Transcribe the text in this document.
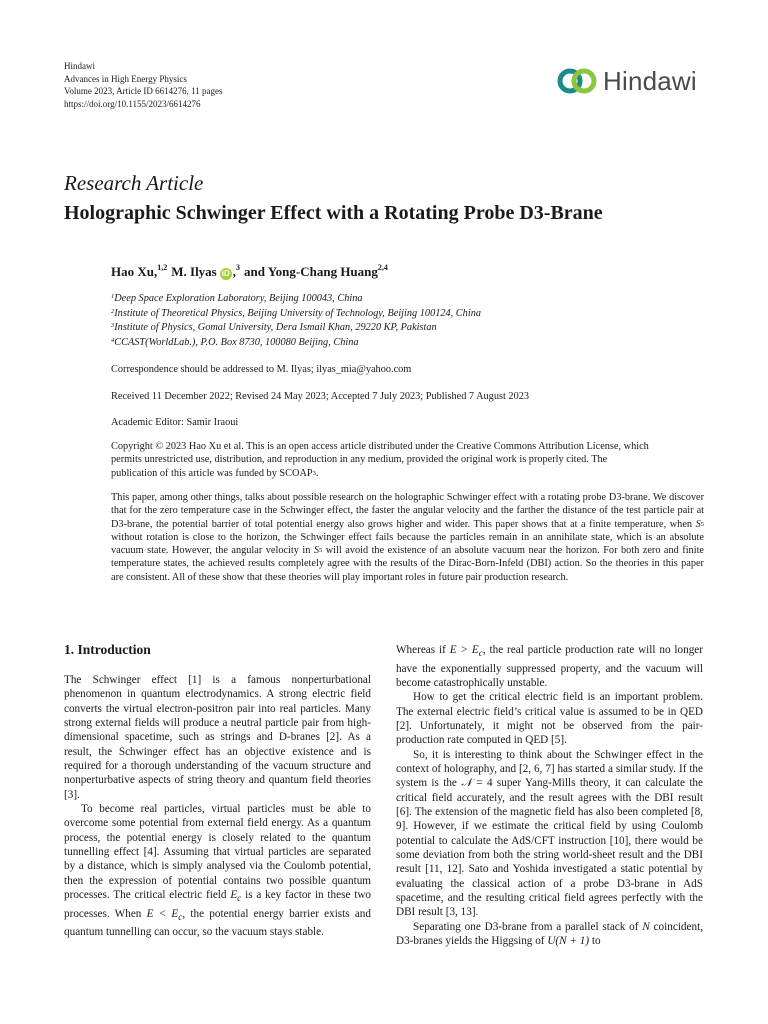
Hindawi
Advances in High Energy Physics
Volume 2023, Article ID 6614276, 11 pages
https://doi.org/10.1155/2023/6614276
Hindawi
Research Article
Holographic Schwinger Effect with a Rotating Probe D3-Brane
Hao Xu,$^{1,2}$ M. Ilyas iD ,$^3$ and Yong-Chang Huang$^{2,4}$
$^1$Deep Space Exploration Laboratory, Beijing 100043, China
$^2$Institute of Theoretical Physics, Beijing University of Technology, Beijing 100124, China
$^3$Institute of Physics, Gomal University, Dera Ismail Khan, 29220 KP, Pakistan
$^4$CCAST(WorldLab.), P.O. Box 8730, 100080 Beijing, China
Correspondence should be addressed to M. Ilyas; ilyas_mia@yahoo.com
Received 11 December 2022; Revised 24 May 2023; Accepted 7 July 2023; Published 7 August 2023
Academic Editor: Samir Iraoui
Copyright © 2023 Hao Xu et al. This is an open access article distributed under the Creative Commons Attribution License, which
permits unrestricted use, distribution, and reproduction in any medium, provided the original work is properly cited. The
publication of this article was funded by SCOAP$^3$.
This paper, among other things, talks about possible research on the holographic Schwinger effect with a rotating probe D3-brane. We discover that for the zero temperature case in the Schwinger effect, the faster the angular velocity and the farther the distance of the test particle pair at D3-brane, the potential barrier of total potential energy also grows higher and wider. This paper shows that at a finite temperature, when $S^5$ without rotation is close to the horizon, the Schwinger effect fails because the particles remain in an annihilate state, which is an absolute vacuum state. However, the angular velocity in $S^5$ will avoid the existence of an absolute vacuum near the horizon. For both zero and finite temperature states, the achieved results completely agree with the results of the Dirac-Born-Infeld (DBI) action. So the theories in this paper are consistent. All of these show that these theories will play important roles in future pair production research.
1. Introduction

The Schwinger effect [1] is a famous nonperturbational phenomenon in quantum electrodynamics. A strong electric field converts the virtual electron-positron pair into real particles. Many strong external fields will produce a neutral particle pair from high-dimensional spacetime, such as strings and D-branes [2]. As a result, the Schwinger effect has an objective existence and is required for a thorough understanding of the vacuum structure and nonperturbative aspects of string theory and quantum field theories [3].

To become real particles, virtual particles must be able to overcome some potential from external field energy. As a quantum process, the potential energy is closely related to the quantum tunnelling effect [4]. Assuming that virtual particles are separated by a distance, which is simply analysed via the Coulomb potential, then the expression of potential contains two possible quantum processes. The critical electric field $E_c$ is a key factor in these two processes. When $E < E_c$, the potential energy barrier exists and quantum tunnelling can occur, so the vacuum stays stable.

Whereas if $E > E_c$, the real particle production rate will no longer have the exponentially suppressed property, and the vacuum will become catastrophically unstable.

How to get the critical electric field is an important problem. The external electric field’s critical value is assumed to be in QED [2]. Unfortunately, it might not be observed from the pair-production rate computed in QED [5].

So, it is interesting to think about the Schwinger effect in the context of holography, and [2, 6, 7] has started a similar study. If the system is the 𝒩 = 4 super Yang-Mills theory, it can calculate the critical field accurately, and the result agrees with the DBI result [6]. The extension of the magnetic field has also been completed [8, 9]. However, if we estimate the critical field by using Coulomb potential to calculate the AdS/CFT instruction [10], there would be some deviation from both the string world-sheet result and the DBI result [11, 12]. Sato and Yoshida investigated a static potential by evaluating the classical action of a probe D3-brane in AdS spacetime, and the resulting critical field agrees perfectly with the DBI result [3, 13].

Separating one D3-brane from a parallel stack of N coincident, D3-branes yields the Higgsing of U(N + 1) to
